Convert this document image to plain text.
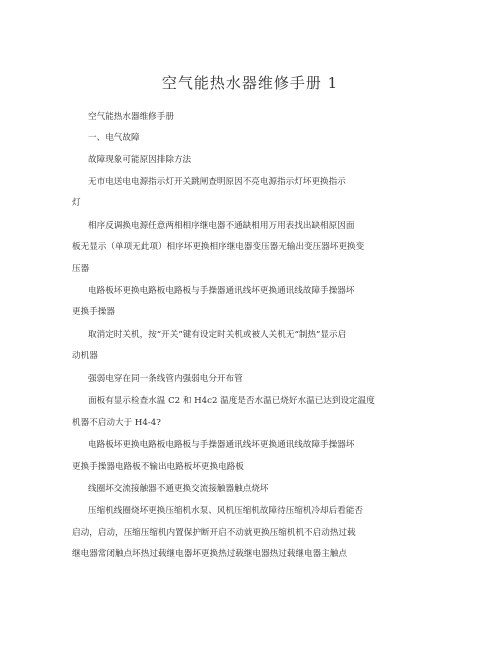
空气能热水器维修手册 1
空气能热水器维修手册
一、电气故障
故障现象可能原因排除方法
无市电送电电源指示灯开关跳闸查明原因不亮电源指示灯坏更换指示
灯
相序反调换电源任意两相相序继电器不通缺相用万用表找出缺相原因面
板无显示（单项无此项）相序坏更换相序继电器变压器无输出变压器坏更换变
压器
电路板坏更换电路板电路板与手操器通讯线坏更换通讯线故障手操器坏
更换手操器
取消定时关机，按“开关”键有设定时关机或被人关机无“制热”显示启
动机器
强弱电穿在同一条线管内强弱电分开布管
面板有显示检查水温 C2 和 H4c2 温度是否水温已烧好水温已达到设定温度
机器不启动大于 H4-4?
电路板坏更换电路板电路板与手操器通讯线坏更换通讯线故障手操器坏
更换手操器电路板不输出电路板坏更换电路板
线圈坏交流接触器不通更换交流接触器触点烧坏
压缩机线圈烧坏更换压缩机水泵、风机压缩机故障待压缩机冷却后看能否
启动，启动，压缩压缩机内置保护断开启不动就更换压缩机机不启动热过载
继电器常闭触点坏热过载继电器坏更换热过载继电器热过载继电器主触点
